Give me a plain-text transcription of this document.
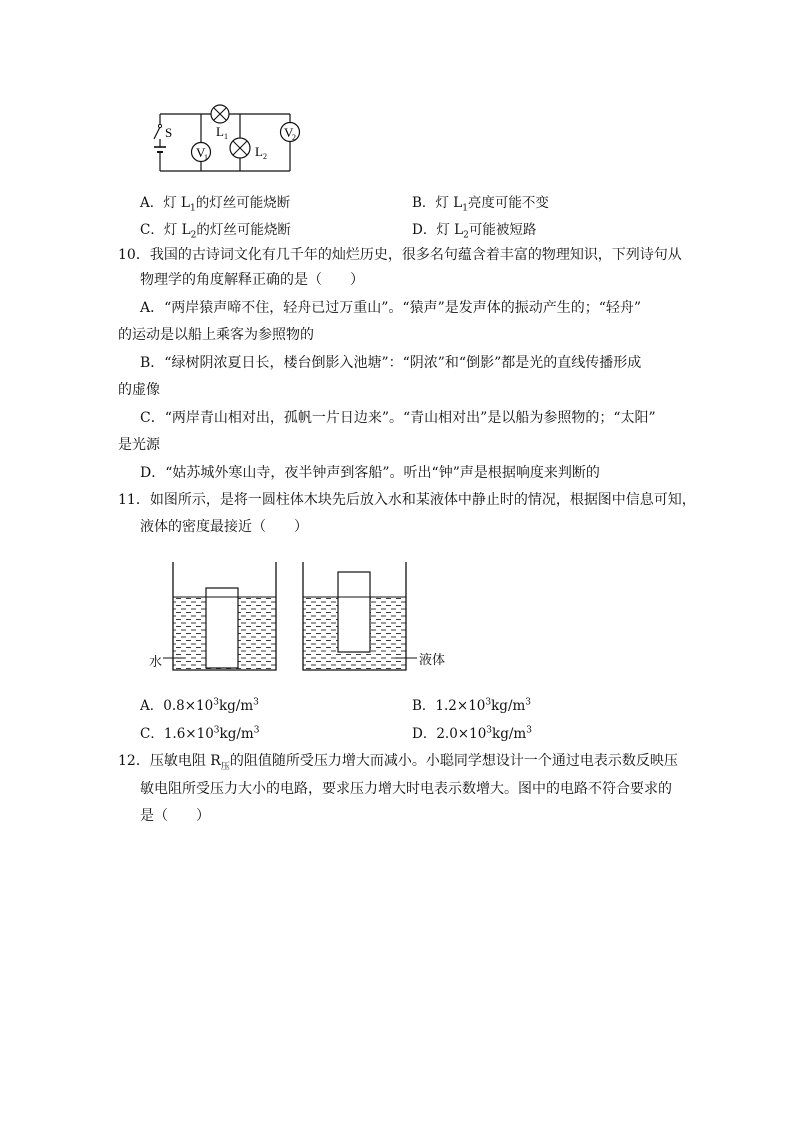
V
1
V
2
S	L 1
L 2
A．灯 $L_1$的灯丝可能烧断	B．灯 $L_1$亮度可能不变
C．灯 $L_2$的灯丝可能烧断	D．灯 $L_2$可能被短路
10．我国的古诗词文化有几千年的灿烂历史，很多名句蕴含着丰富的物理知识，下列诗句从
物理学的角度解释正确的是（　　）
A．“两岸猿声啼不住，轻舟已过万重山”。“猿声”是发声体的振动产生的；“轻舟”
的运动是以船上乘客为参照物的
B．“绿树阴浓夏日长，楼台倒影入池塘”：“阴浓”和“倒影”都是光的直线传播形成
的虚像
C．“两岸青山相对出，孤帆一片日边来”。“青山相对出”是以船为参照物的；“太阳”
是光源
D．“姑苏城外寒山寺，夜半钟声到客船”。听出“钟”声是根据响度来判断的
11．如图所示，是将一圆柱体木块先后放入水和某液体中静止时的情况，根据图中信息可知，
液体的密度最接近（　　）
水	液体
A．$0.8\times 10^3kg/m^3$	B．$1.2\times 10^3kg/m^3$
C．$1.6\times 10^3kg/m^3$	D．$2.0\times 10^3kg/m^3$
12．压敏电阻 $R_压$的阻值随所受压力增大而减小。小聪同学想设计一个通过电表示数反映压
敏电阻所受压力大小的电路，要求压力增大时电表示数增大。图中的电路不符合要求的
是（　　）
